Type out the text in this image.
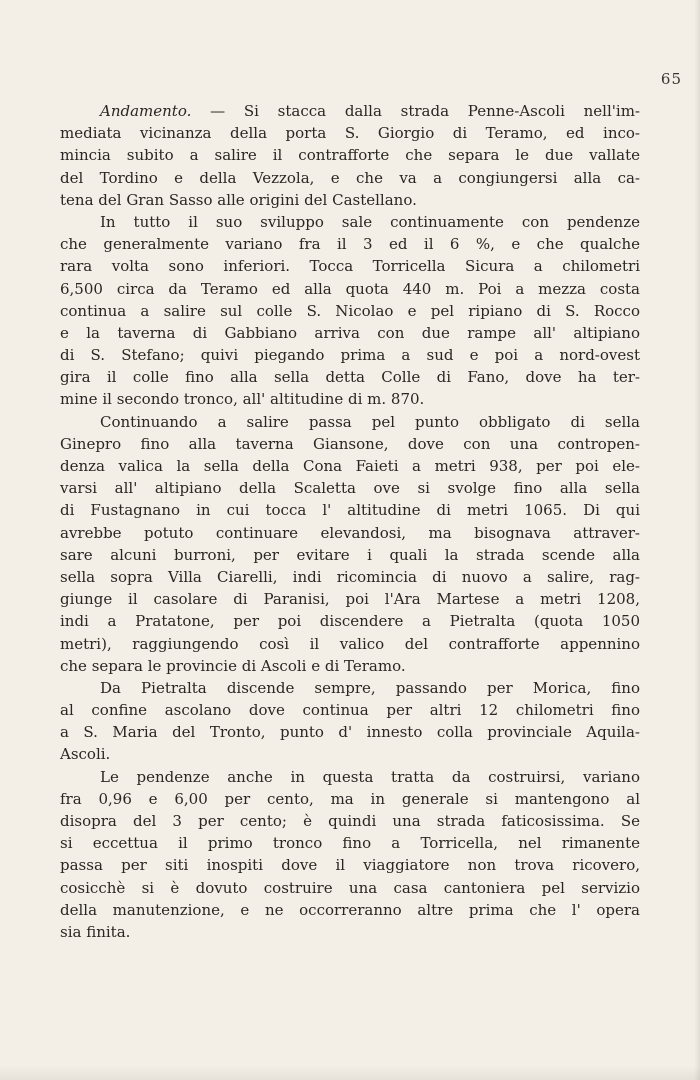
65
Andamento. — Si stacca dalla strada Penne-Ascoli nell'im-
mediata vicinanza della porta S. Giorgio di Teramo, ed inco-
mincia subito a salire il contrafforte che separa le due vallate
del Tordino e della Vezzola, e che va a congiungersi alla ca-
tena del Gran Sasso alle origini del Castellano.
In tutto il suo sviluppo sale continuamente con pendenze
che generalmente variano fra il 3 ed il 6 %, e che qualche
rara volta sono inferiori. Tocca Torricella Sicura a chilometri
6,500 circa da Teramo ed alla quota 440 m. Poi a mezza costa
continua a salire sul colle S. Nicolao e pel ripiano di S. Rocco
e la taverna di Gabbiano arriva con due rampe all' altipiano
di S. Stefano; quivi piegando prima a sud e poi a nord-ovest
gira il colle fino alla sella detta Colle di Fano, dove ha ter-
mine il secondo tronco, all' altitudine di m. 870.
Continuando a salire passa pel punto obbligato di sella
Ginepro fino alla taverna Giansone, dove con una contropen-
denza valica la sella della Cona Faieti a metri 938, per poi ele-
varsi all' altipiano della Scaletta ove si svolge fino alla sella
di Fustagnano in cui tocca l' altitudine di metri 1065. Di qui
avrebbe potuto continuare elevandosi, ma bisognava attraver-
sare alcuni burroni, per evitare i quali la strada scende alla
sella sopra Villa Ciarelli, indi ricomincia di nuovo a salire, rag-
giunge il casolare di Paranisi, poi l'Ara Martese a metri 1208,
indi a Pratatone, per poi discendere a Pietralta (quota 1050
metri), raggiungendo così il valico del contrafforte appennino
che separa le provincie di Ascoli e di Teramo.
Da Pietralta discende sempre, passando per Morica, fino
al confine ascolano dove continua per altri 12 chilometri fino
a S. Maria del Tronto, punto d' innesto colla provinciale Aquila-
Ascoli.
Le pendenze anche in questa tratta da costruirsi, variano
fra 0,96 e 6,00 per cento, ma in generale si mantengono al
disopra del 3 per cento; è quindi una strada faticosissima. Se
si eccettua il primo tronco fino a Torricella, nel rimanente
passa per siti inospiti dove il viaggiatore non trova ricovero,
cosicchè si è dovuto costruire una casa cantoniera pel servizio
della manutenzione, e ne occorreranno altre prima che l' opera
sia finita.
